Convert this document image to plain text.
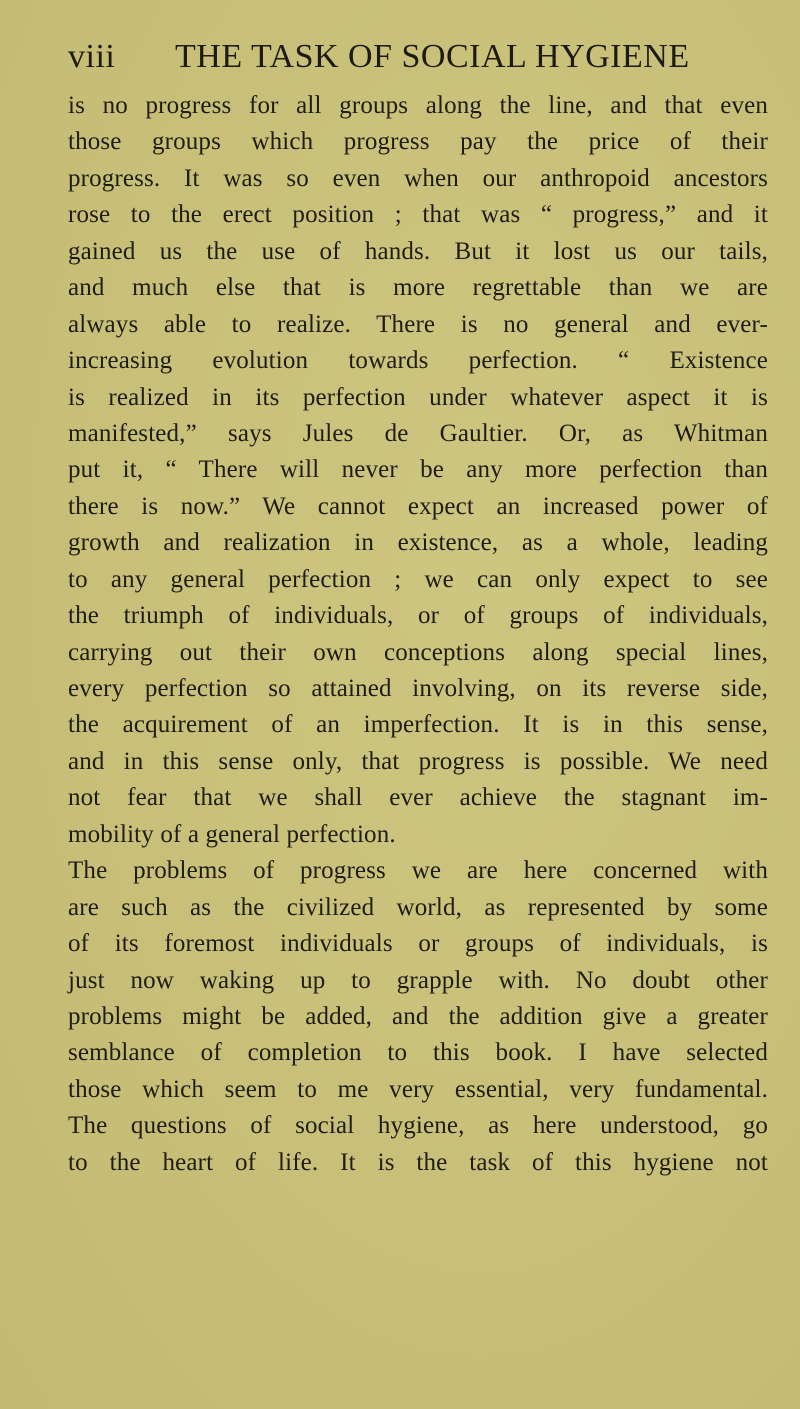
viii THE TASK OF SOCIAL HYGIENE
is no progress for all groups along the line, and that even
those groups which progress pay the price of their
progress. It was so even when our anthropoid ancestors
rose to the erect position ; that was “ progress,” and it
gained us the use of hands. But it lost us our tails,
and much else that is more regrettable than we are
always able to realize. There is no general and ever-
increasing evolution towards perfection. “ Existence
is realized in its perfection under whatever aspect it is
manifested,” says Jules de Gaultier. Or, as Whitman
put it, “ There will never be any more perfection than
there is now.” We cannot expect an increased power of
growth and realization in existence, as a whole, leading
to any general perfection ; we can only expect to see
the triumph of individuals, or of groups of individuals,
carrying out their own conceptions along special lines,
every perfection so attained involving, on its reverse side,
the acquirement of an imperfection. It is in this sense,
and in this sense only, that progress is possible. We need
not fear that we shall ever achieve the stagnant im-
mobility of a general perfection.
The problems of progress we are here concerned with
are such as the civilized world, as represented by some
of its foremost individuals or groups of individuals, is
just now waking up to grapple with. No doubt other
problems might be added, and the addition give a greater
semblance of completion to this book. I have selected
those which seem to me very essential, very fundamental.
The questions of social hygiene, as here understood, go
to the heart of life. It is the task of this hygiene not
